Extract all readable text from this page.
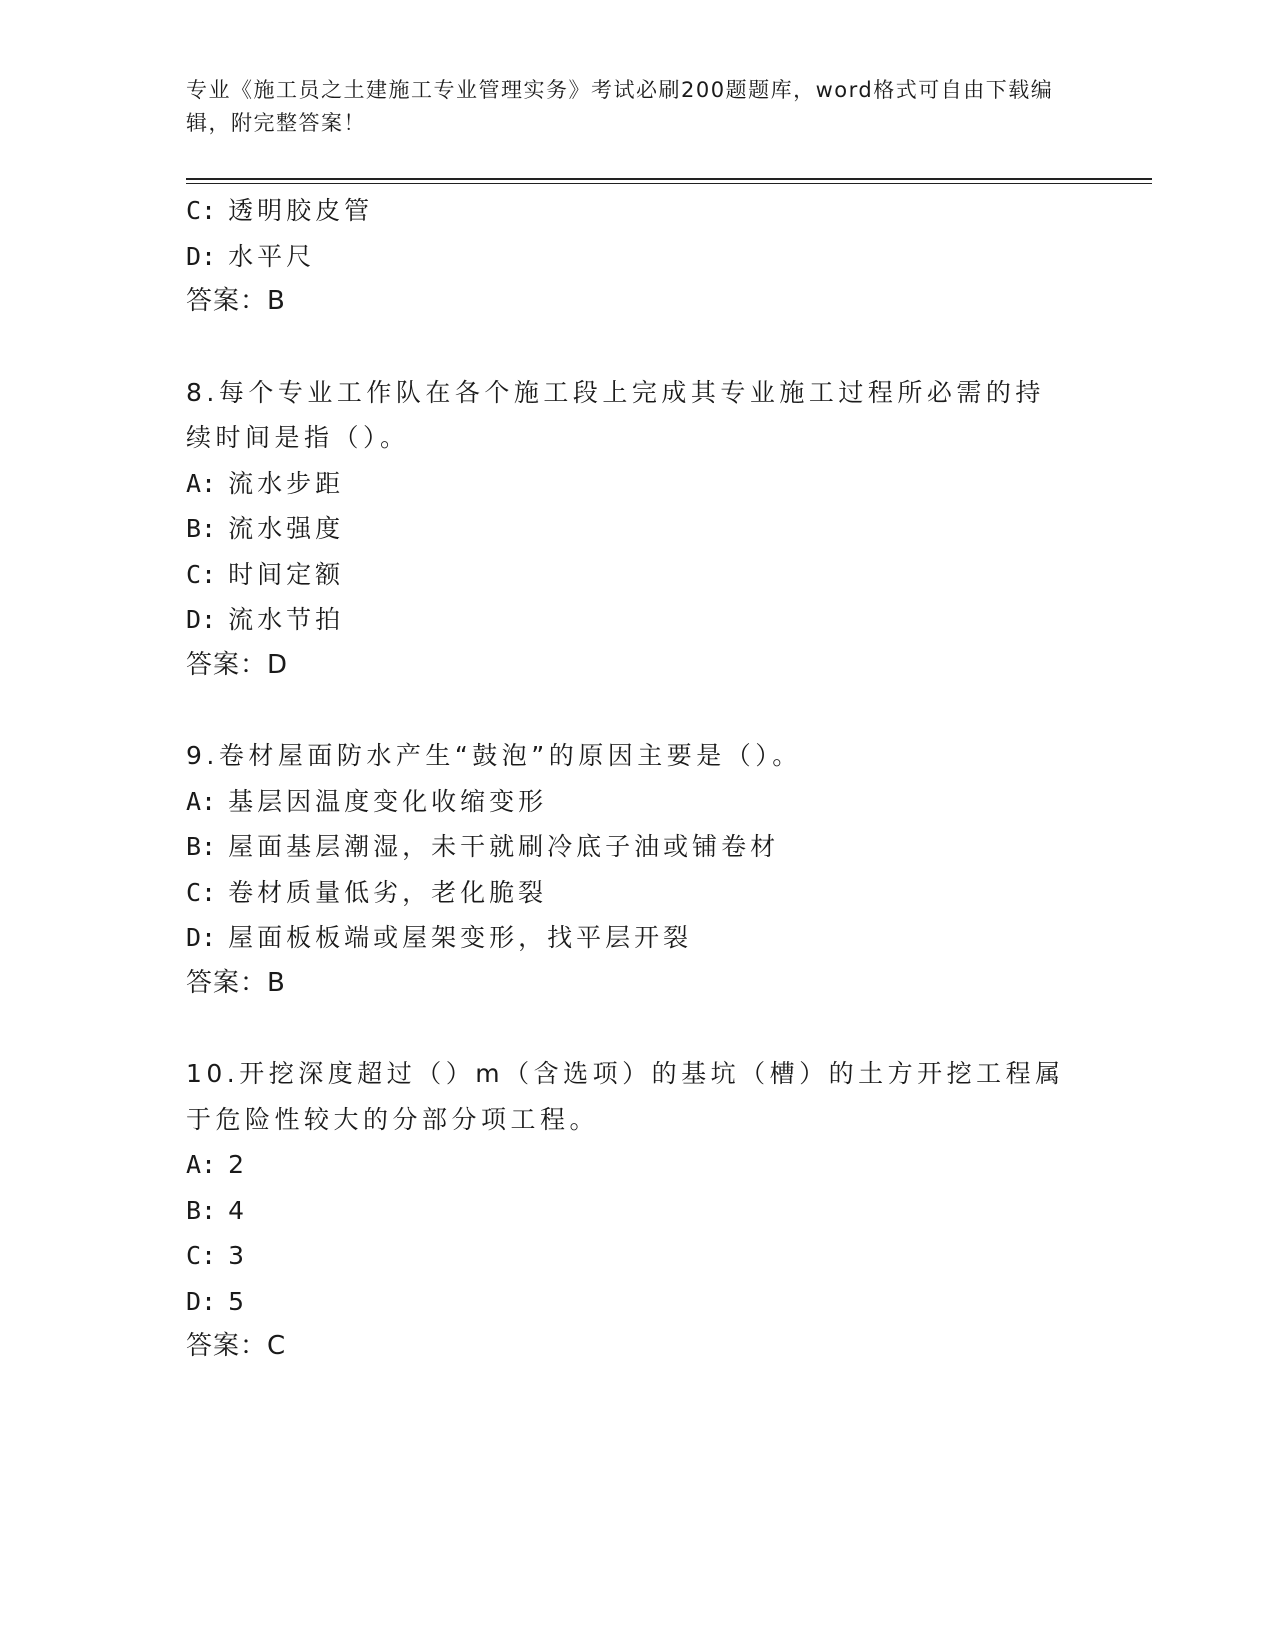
专业《施工员之土建施工专业管理实务》考试必刷200题题库，word格式可自由下载编辑，附完整答案！
C: 透明胶皮管
D: 水平尺
答案：B
8.每个专业工作队在各个施工段上完成其专业施工过程所必需的持续时间是指（）。
A: 流水步距
B: 流水强度
C: 时间定额
D: 流水节拍
答案：D
9.卷材屋面防水产生“鼓泡”的原因主要是（）。
A: 基层因温度变化收缩变形
B: 屋面基层潮湿，未干就刷冷底子油或铺卷材
C: 卷材质量低劣，老化脆裂
D: 屋面板板端或屋架变形，找平层开裂
答案：B
10.开挖深度超过（）m（含选项）的基坑（槽）的土方开挖工程属于危险性较大的分部分项工程。
A: 2
B: 4
C: 3
D: 5
答案：C
